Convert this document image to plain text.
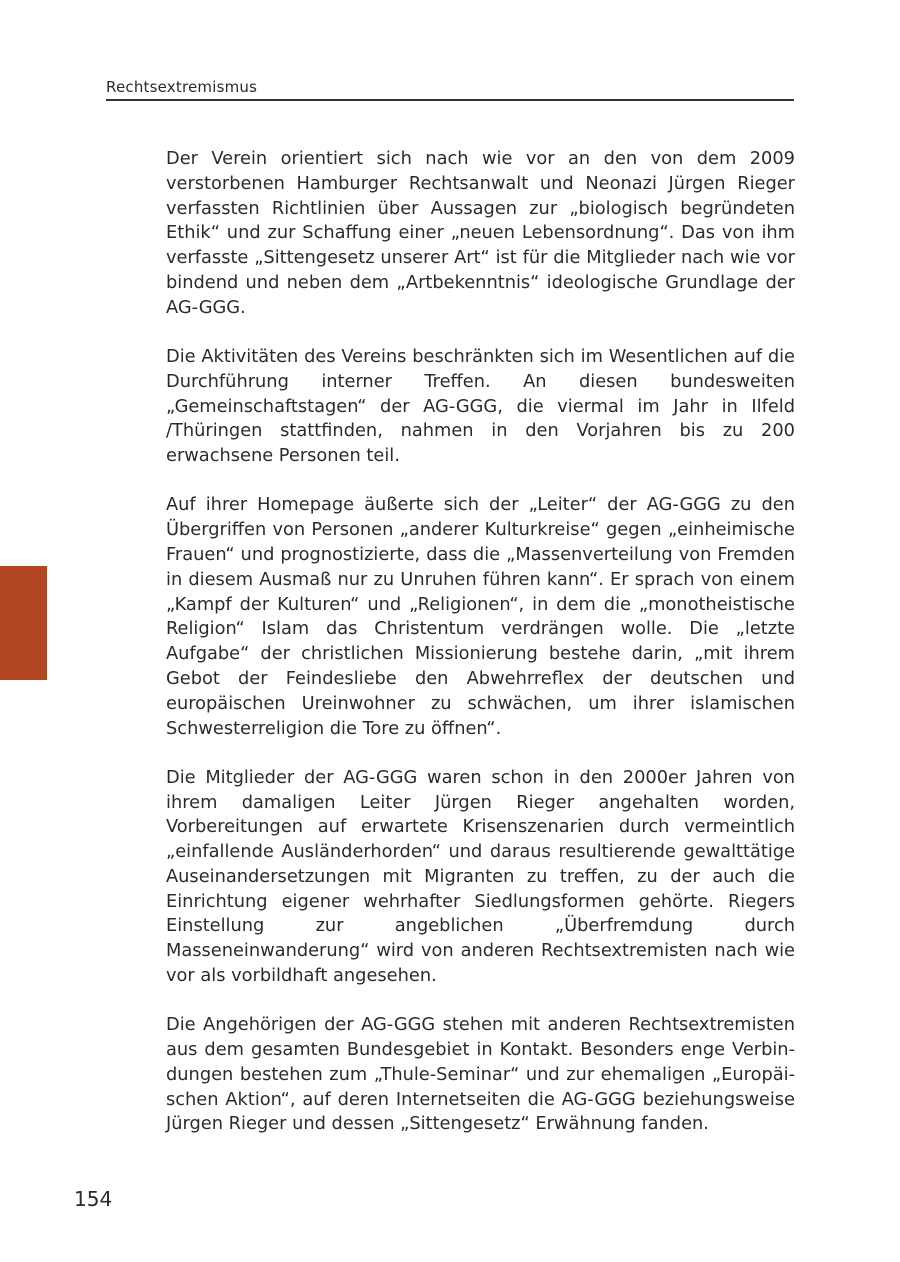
Rechtsextremismus

Der Verein orientiert sich nach wie vor an den von dem 2009 verstorbenen Hamburger Rechtsanwalt und Neonazi Jürgen Rieger verfassten Richtlinien über Aussagen zur „biologisch begründeten Ethik“ und zur Schaffung einer „neuen Lebensordnung“. Das von ihm verfasste „Sittengesetz unserer Art“ ist für die Mitglieder nach wie vor bindend und neben dem „Artbekenntnis“ ideologische Grundlage der AG-GGG.

Die Aktivitäten des Vereins beschränkten sich im Wesentlichen auf die Durchführung interner Treffen. An diesen bundesweiten „Gemeinschaftstagen“ der AG-GGG, die viermal im Jahr in Ilfeld /Thüringen stattfinden, nahmen in den Vorjahren bis zu 200 erwachsene Personen teil.

Auf ihrer Homepage äußerte sich der „Leiter“ der AG-GGG zu den Übergriffen von Personen „anderer Kulturkreise“ gegen „einheimische Frauen“ und prognostizierte, dass die „Massenverteilung von Fremden in diesem Ausmaß nur zu Unruhen führen kann“. Er sprach von einem „Kampf der Kulturen“ und „Religionen“, in dem die „monotheistische Religion“ Islam das Christentum verdrängen wolle. Die „letzte Aufgabe“ der christlichen Missionierung bestehe darin, „mit ihrem Gebot der Feindesliebe den Abwehrreflex der deutschen und europäischen Ureinwohner zu schwächen, um ihrer islamischen Schwesterreligion die Tore zu öffnen“.

Die Mitglieder der AG-GGG waren schon in den 2000er Jahren von ihrem damaligen Leiter Jürgen Rieger angehalten worden, Vorbereitungen auf erwartete Krisenszenarien durch vermeintlich „einfallende Ausländerhorden“ und daraus resultierende gewalttätige Auseinandersetzungen mit Migranten zu treffen, zu der auch die Einrichtung eigener wehrhafter Siedlungsformen gehörte. Riegers Einstellung zur angeblichen „Überfremdung durch Masseneinwanderung“ wird von anderen Rechtsextremisten nach wie vor als vorbildhaft angesehen.

Die Angehörigen der AG-GGG stehen mit anderen Rechtsextremisten aus dem gesamten Bundesgebiet in Kontakt. Besonders enge Verbindungen bestehen zum „Thule-Seminar“ und zur ehemaligen „Europäischen Aktion“, auf deren Internetseiten die AG-GGG beziehungsweise Jürgen Rieger und dessen „Sittengesetz“ Erwähnung fanden.

154
